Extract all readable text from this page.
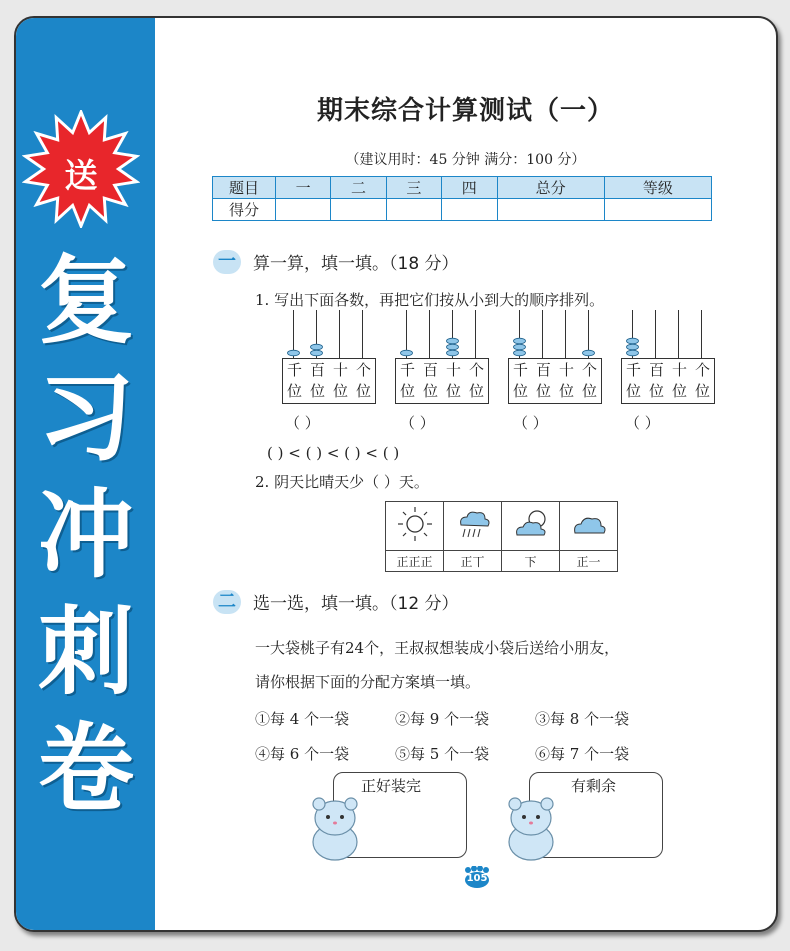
送
复
习
冲
刺
卷
期末综合计算测试（一）
（建议用时：45 分钟 满分：100 分）
题目	一	二	三	四	总分	等级
得分						
一 算一算，填一填。（18 分）
1. 写出下面各数，再把它们按从小到大的顺序排列。
千
位
百
位
十
位
个
位
千
位
百
位
十
位
个
位
千
位
百
位
十
位
个
位
千
位
百
位
十
位
个
位
（ ）	（ ）	（ ）	（ ）
( ) < ( ) < ( ) < ( )
2. 阴天比晴天少（ ）天。

正正正	正丅	下	正一
二 选一选，填一填。（12 分）
一大袋桃子有24个，王叔叔想装成小袋后送给小朋友，
请你根据下面的分配方案填一填。
①每 4 个一袋	②每 9 个一袋	③每 8 个一袋
④每 6 个一袋	⑤每 5 个一袋	⑥每 7 个一袋
正好装完	有剩余
105
